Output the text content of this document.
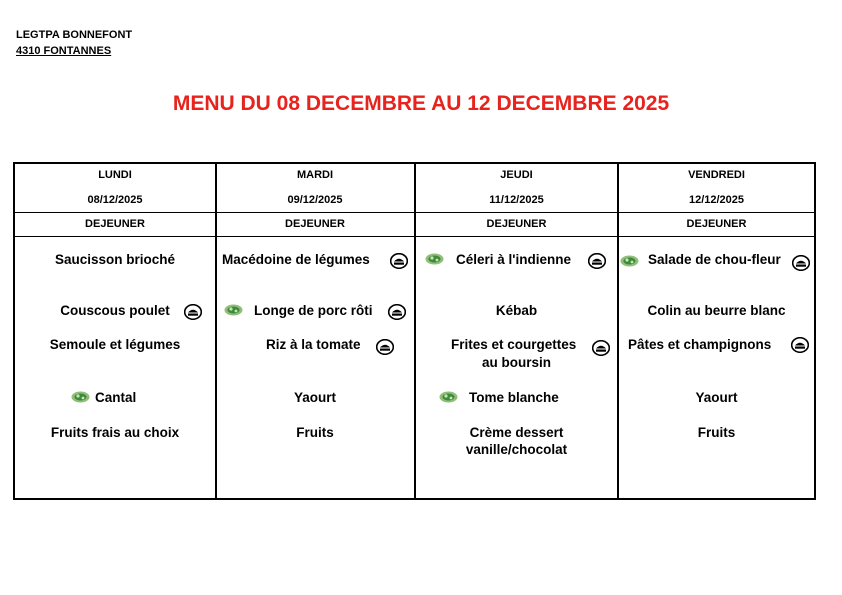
LEGTPA BONNEFONT
4310 FONTANNES
MENU DU 08 DECEMBRE AU 12 DECEMBRE 2025
LUNDI
08/12/2025
DEJEUNER
MARDI
09/12/2025
DEJEUNER
JEUDI
11/12/2025
DEJEUNER
VENDREDI
12/12/2025
DEJEUNER
Saucisson brioché
Couscous poulet
Semoule et légumes
Cantal
Fruits frais au choix
Macédoine de légumes
Longe de porc rôti
Riz à la tomate
Yaourt
Fruits
Céleri à l'indienne
Kébab
Frites et courgettes
au boursin
Tome blanche
Crème dessert
vanille/chocolat
Salade de chou-fleur
Colin au beurre blanc
Pâtes et champignons
Yaourt
Fruits
